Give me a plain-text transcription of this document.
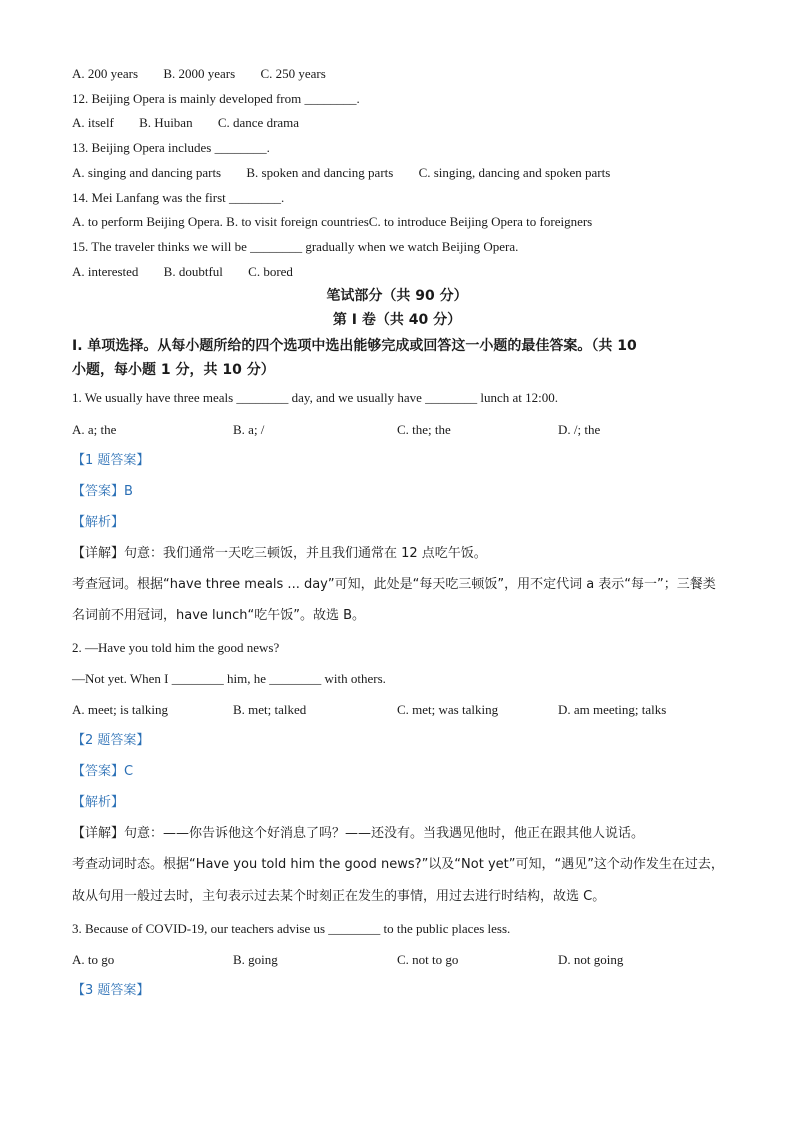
A. 200 years B. 2000 years C. 250 years
12. Beijing Opera is mainly developed from ________.
A. itself B. Huiban C. dance drama
13. Beijing Opera includes ________.
A. singing and dancing parts B. spoken and dancing parts C. singing, dancing and spoken parts
14. Mei Lanfang was the first ________.
A. to perform Beijing Opera. B. to visit foreign countriesC. to introduce Beijing Opera to foreigners
15. The traveler thinks we will be ________ gradually when we watch Beijing Opera.
A. interested B. doubtful C. bored
笔试部分（共 90 分）
第 I 卷（共 40 分）
I. 单项选择。从每小题所给的四个选项中选出能够完成或回答这一小题的最佳答案。（共 10
小题，每小题 1 分，共 10 分）
1. We usually have three meals ________ day, and we usually have ________ lunch at 12:00.
A. a; the	B. a; /	C. the; the	D. /; the
【1 题答案】
【答案】B
【解析】
【详解】句意：我们通常一天吃三顿饭，并且我们通常在 12 点吃午饭。
考查冠词。根据“have three meals ... day”可知，此处是“每天吃三顿饭”，用不定代词 a 表示“每一”；三餐类
名词前不用冠词，have lunch“吃午饭”。故选 B。
2. —Have you told him the good news?
—Not yet. When I ________ him, he ________ with others.
A. meet; is talking	B. met; talked	C. met; was talking	D. am meeting; talks
【2 题答案】
【答案】C
【解析】
【详解】句意：——你告诉他这个好消息了吗？——还没有。当我遇见他时，他正在跟其他人说话。
考查动词时态。根据“Have you told him the good news?”以及“Not yet”可知，“遇见”这个动作发生在过去，
故从句用一般过去时，主句表示过去某个时刻正在发生的事情，用过去进行时结构，故选 C。
3. Because of COVID-19, our teachers advise us ________ to the public places less.
A. to go	B. going	C. not to go	D. not going
【3 题答案】
